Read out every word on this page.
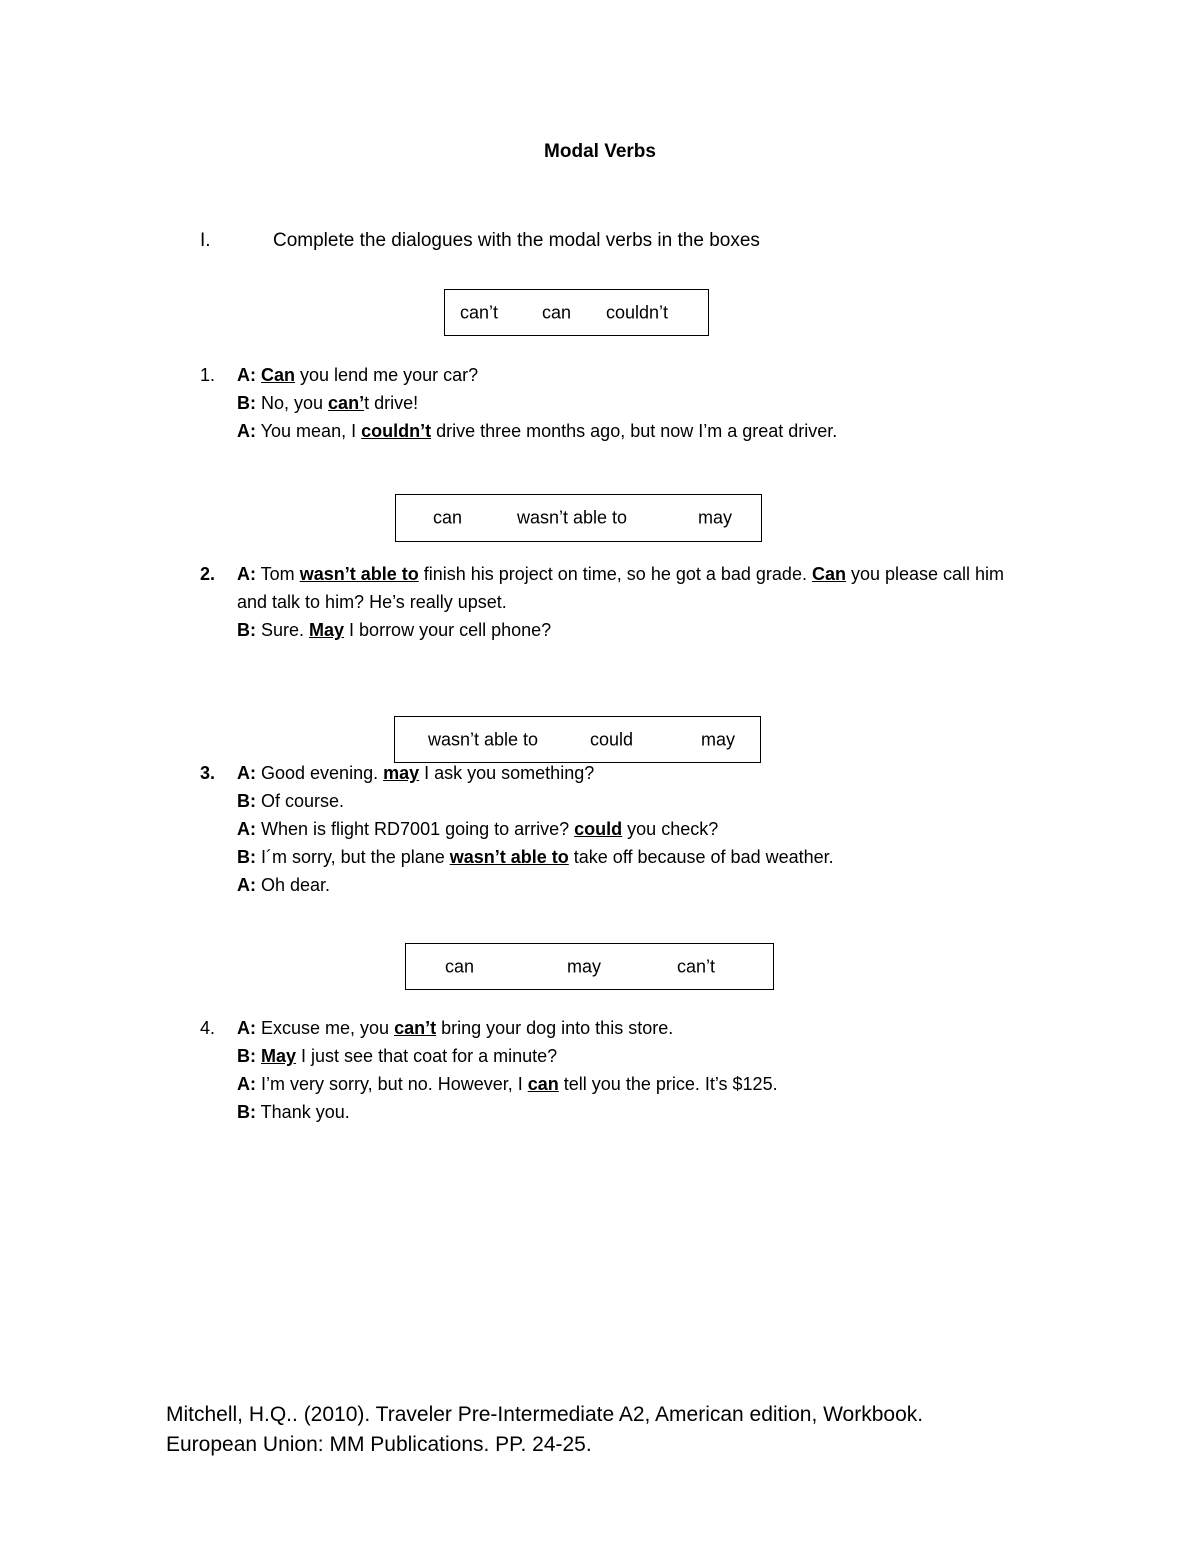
Modal Verbs
I.	Complete the dialogues with the modal verbs in the boxes
can’t can couldn’t
1.	A: Can you lend me your car?
B: No, you can’t drive!
A: You mean, I couldn’t drive three months ago, but now I’m a great driver.
can	wasn’t able to	may
2.	A: Tom wasn’t able to finish his project on time, so he got a bad grade. Can you please call him and talk to him? He’s really upset.
B: Sure. May I borrow your cell phone?
wasn’t able to	could	may
3.	A: Good evening. may I ask you something?
B: Of course.
A: When is flight RD7001 going to arrive? could you check?
B: I´m sorry, but the plane wasn’t able to take off because of bad weather.
A: Oh dear.
can	may	can’t
4.	A: Excuse me, you can’t bring your dog into this store.
B: May I just see that coat for a minute?
A: I’m very sorry, but no. However, I can tell you the price. It’s $125.
B: Thank you.
Mitchell, H.Q.. (2010). Traveler Pre-Intermediate A2, American edition, Workbook.
European Union: MM Publications. PP. 24-25.
